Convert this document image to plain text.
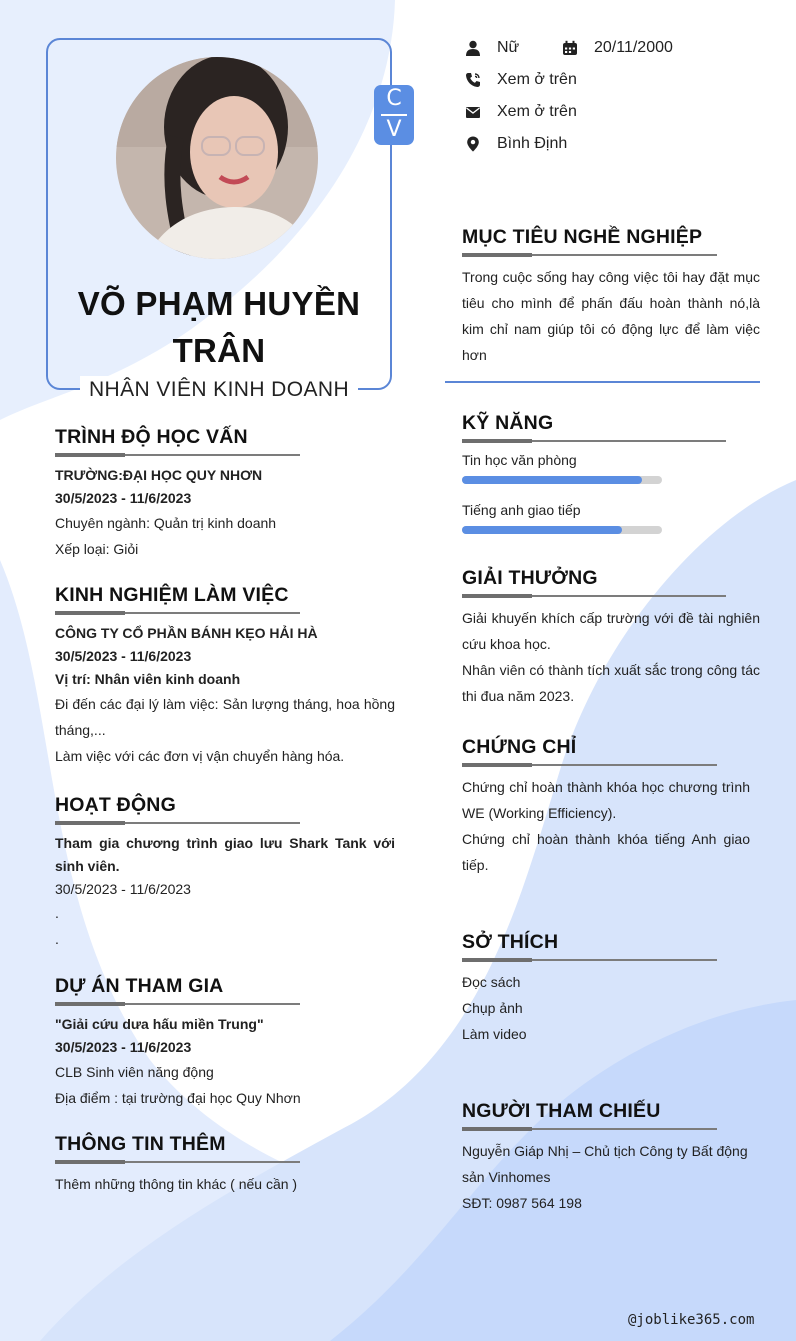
C
V
VÕ PHẠM HUYỀN TRÂN
NHÂN VIÊN KINH DOANH
Nữ	20/11/2000
Xem ở trên
Xem ở trên
Bình Định
TRÌNH ĐỘ HỌC VẤN
TRƯỜNG:ĐẠI HỌC QUY NHƠN
30/5/2023 - 11/6/2023
Chuyên ngành: Quản trị kinh doanh
Xếp loại: Giỏi
KINH NGHIỆM LÀM VIỆC
CÔNG TY CỔ PHẦN BÁNH KẸO HẢI HÀ
30/5/2023 - 11/6/2023
Vị trí: Nhân viên kinh doanh
Đi đến các đại lý làm việc: Sản lượng tháng, hoa hồng tháng,...
Làm việc với các đơn vị vận chuyển hàng hóa.
HOẠT ĐỘNG
Tham gia chương trình giao lưu Shark Tank với sinh viên.
30/5/2023 - 11/6/2023
.
.
DỰ ÁN THAM GIA
"Giải cứu dưa hấu miền Trung"
30/5/2023 - 11/6/2023
CLB Sinh viên năng động
Địa điểm : tại trường đại học Quy Nhơn
THÔNG TIN THÊM
Thêm những thông tin khác ( nếu cần )
MỤC TIÊU NGHỀ NGHIỆP
Trong cuộc sống hay công việc tôi hay đặt mục tiêu cho mình để phấn đấu hoàn thành nó,là kim chỉ nam giúp tôi có động lực để làm việc hơn
KỸ NĂNG
Tin học văn phòng
Tiếng anh giao tiếp
GIẢI THƯỞNG
Giải khuyến khích cấp trường với đề tài nghiên cứu khoa học.
Nhân viên có thành tích xuất sắc trong công tác thi đua năm 2023.
CHỨNG CHỈ
Chứng chỉ hoàn thành khóa học chương trình WE (Working Efficiency).
Chứng chỉ hoàn thành khóa tiếng Anh giao tiếp.
SỞ THÍCH
Đọc sách
Chụp ảnh
Làm video
NGƯỜI THAM CHIẾU
Nguyễn Giáp Nhị – Chủ tịch Công ty Bất động sản Vinhomes
SĐT: 0987 564 198
@joblike365.com
